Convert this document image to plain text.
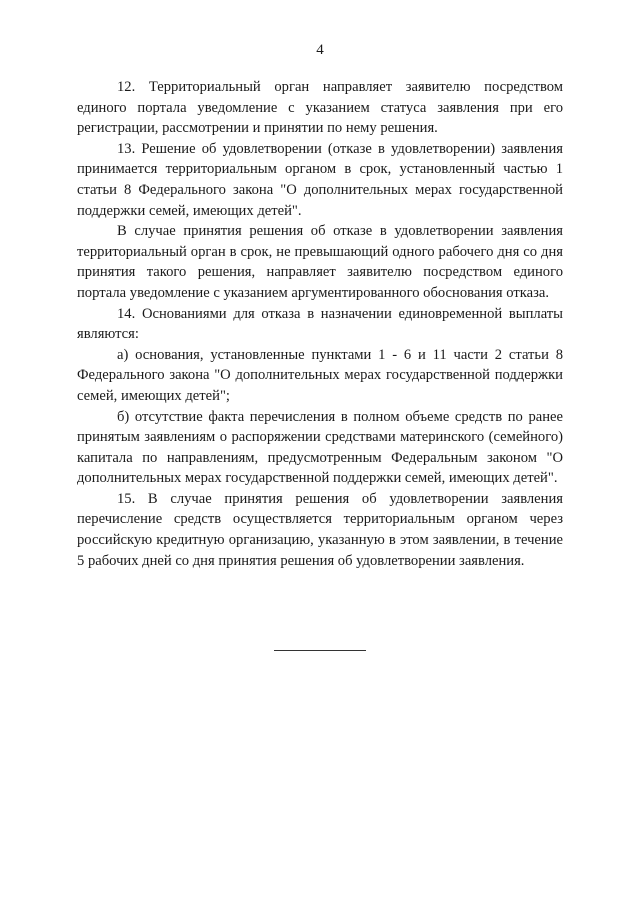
4

12. Территориальный орган направляет заявителю посредством единого портала уведомление с указанием статуса заявления при его регистрации, рассмотрении и принятии по нему решения.

13. Решение об удовлетворении (отказе в удовлетворении) заявления принимается территориальным органом в срок, установленный частью 1 статьи 8 Федерального закона "О дополнительных мерах государственной поддержки семей, имеющих детей".

В случае принятия решения об отказе в удовлетворении заявления территориальный орган в срок, не превышающий одного рабочего дня со дня принятия такого решения, направляет заявителю посредством единого портала уведомление с указанием аргументированного обоснования отказа.

14. Основаниями для отказа в назначении единовременной выплаты являются:

а) основания, установленные пунктами 1 - 6 и 11 части 2 статьи 8 Федерального закона "О дополнительных мерах государственной поддержки семей, имеющих детей";

б) отсутствие факта перечисления в полном объеме средств по ранее принятым заявлениям о распоряжении средствами материнского (семейного) капитала по направлениям, предусмотренным Федеральным законом "О дополнительных мерах государственной поддержки семей, имеющих детей".

15. В случае принятия решения об удовлетворении заявления перечисление средств осуществляется территориальным органом через российскую кредитную организацию, указанную в этом заявлении, в течение 5 рабочих дней со дня принятия решения об удовлетворении заявления.
